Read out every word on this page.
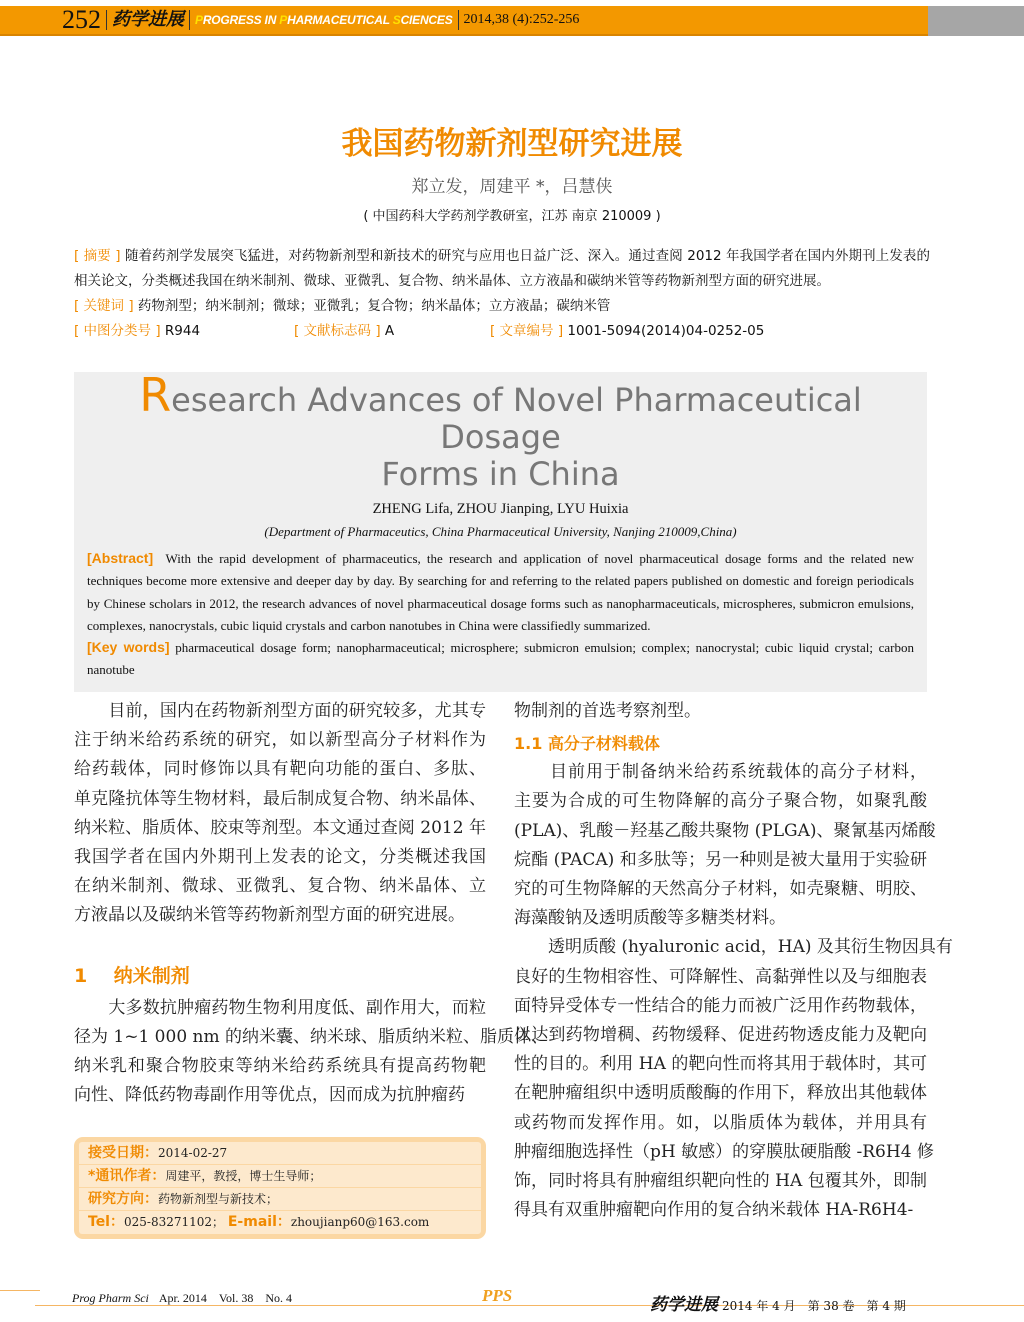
252 药学进展 PROGRESS IN PHARMACEUTICAL SCIENCES 2014,38 (4):252-256
我国药物新剂型研究进展
郑立发，周建平 *，吕慧侠
( 中国药科大学药剂学教研室，江苏 南京 210009 )
[ 摘要 ] 随着药剂学发展突飞猛进，对药物新剂型和新技术的研究与应用也日益广泛、深入。通过查阅 2012 年我国学者在国内外期刊上发表的相关论文，分类概述我国在纳米制剂、微球、亚微乳、复合物、纳米晶体、立方液晶和碳纳米管等药物新剂型方面的研究进展。
[ 关键词 ] 药物剂型；纳米制剂；微球；亚微乳；复合物；纳米晶体；立方液晶；碳纳米管
[ 中图分类号 ] R944	[ 文献标志码 ] A	[ 文章编号 ] 1001-5094(2014)04-0252-05
Research Advances of Novel Pharmaceutical Dosage
Forms in China
ZHENG Lifa, ZHOU Jianping, LYU Huixia
(Department of Pharmaceutics, China Pharmaceutical University, Nanjing 210009,China)
[Abstract] With the rapid development of pharmaceutics, the research and application of novel pharmaceutical dosage forms and the related new techniques become more extensive and deeper day by day. By searching for and referring to the related papers published on domestic and foreign periodicals by Chinese scholars in 2012, the research advances of novel pharmaceutical dosage forms such as nanopharmaceuticals, microspheres, submicron emulsions, complexes, nanocrystals, cubic liquid crystals and carbon nanotubes in China were classifiedly summarized.
[Key words] pharmaceutical dosage form; nanopharmaceutical; microsphere; submicron emulsion; complex; nanocrystal; cubic liquid crystal; carbon nanotube
　　目前，国内在药物新剂型方面的研究较多，尤其专
注于纳米给药系统的研究，如以新型高分子材料作为
给药载体，同时修饰以具有靶向功能的蛋白、多肽、
单克隆抗体等生物材料，最后制成复合物、纳米晶体、
纳米粒、脂质体、胶束等剂型。本文通过查阅 2012 年
我国学者在国内外期刊上发表的论文，分类概述我国
在纳米制剂、微球、亚微乳、复合物、纳米晶体、立
方液晶以及碳纳米管等药物新剂型方面的研究进展。
1 纳米制剂
　　大多数抗肿瘤药物生物利用度低、副作用大，而粒
径为 1~1 000 nm 的纳米囊、纳米球、脂质纳米粒、脂质体、
纳米乳和聚合物胶束等纳米给药系统具有提高药物靶
向性、降低药物毒副作用等优点，因而成为抗肿瘤药
物制剂的首选考察剂型。
1.1 高分子材料载体
　　目前用于制备纳米给药系统载体的高分子材料，
主要为合成的可生物降解的高分子聚合物，如聚乳酸
(PLA)、乳酸－羟基乙酸共聚物 (PLGA)、聚氰基丙烯酸
烷酯 (PACA) 和多肽等；另一种则是被大量用于实验研
究的可生物降解的天然高分子材料，如壳聚糖、明胶、
海藻酸钠及透明质酸等多糖类材料。
　　透明质酸 (hyaluronic acid，HA) 及其衍生物因具有
良好的生物相容性、可降解性、高黏弹性以及与细胞表
面特异受体专一性结合的能力而被广泛用作药物载体，
以达到药物增稠、药物缓释、促进药物透皮能力及靶向
性的目的。利用 HA 的靶向性而将其用于载体时，其可
在靶肿瘤组织中透明质酸酶的作用下，释放出其他载体
或药物而发挥作用。如，以脂质体为载体，并用具有
肿瘤细胞选择性（pH 敏感）的穿膜肽硬脂酸 -R6H4 修
饰，同时将具有肿瘤组织靶向性的 HA 包覆其外，即制
得具有双重肿瘤靶向作用的复合纳米载体 HA-R6H4-
接受日期：2014-02-27
*通讯作者：周建平，教授，博士生导师；
研究方向：药物新剂型与新技术；
Tel：025-83271102； E-mail：zhoujianp60@163.com
Prog Pharm Sci Apr. 2014 Vol. 38 No. 4	PPS	药学进展 2014 年 4 月　第 38 卷　第 4 期
